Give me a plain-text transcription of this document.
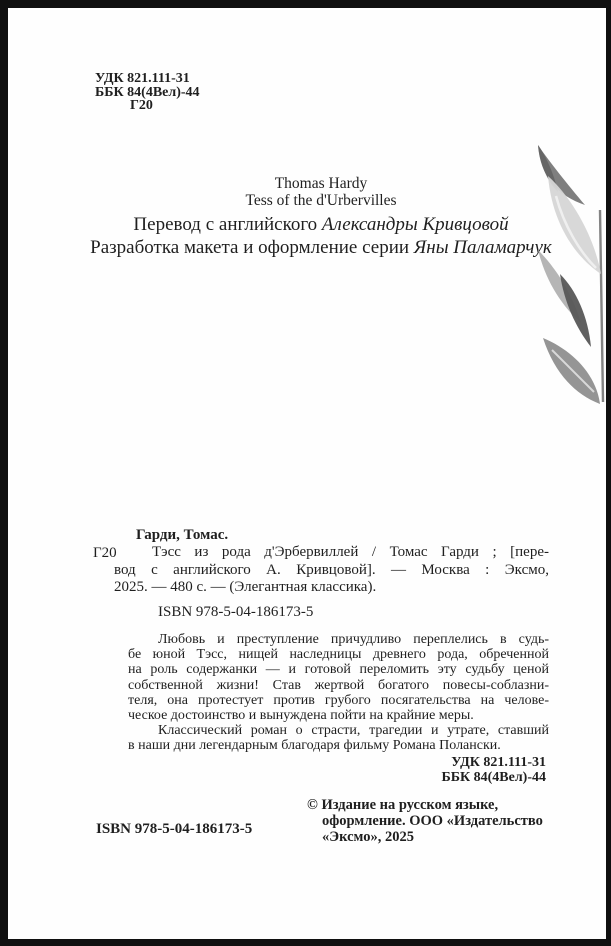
УДК 821.111-31
ББК 84(4Вел)-44
Г20
Thomas Hardy
Tess of the d'Urbervilles
Перевод с английского Александры Кривцовой
Разработка макета и оформление серии Яны Паламарчук
Г20
Гарди, Томас.
Тэсс из рода д'Эрбервиллей / Томас Гарди ; [пере-
вод с английского А. Кривцовой]. — Москва : Эксмо,
2025. — 480 с. — (Элегантная классика).
ISBN 978-5-04-186173-5
Любовь и преступление причудливо переплелись в судь-
бе юной Тэсс, нищей наследницы древнего рода, обреченной
на роль содержанки — и готовой переломить эту судьбу ценой
собственной жизни! Став жертвой богатого повесы-соблазни-
теля, она протестует против грубого посягательства на челове-
ческое достоинство и вынуждена пойти на крайние меры.
Классический роман о страсти, трагедии и утрате, ставший
в наши дни легендарным благодаря фильму Романа Полански.
УДК 821.111-31
ББК 84(4Вел)-44
© Издание на русском языке,
оформление. ООО «Издательство
«Эксмо», 2025
ISBN 978-5-04-186173-5
